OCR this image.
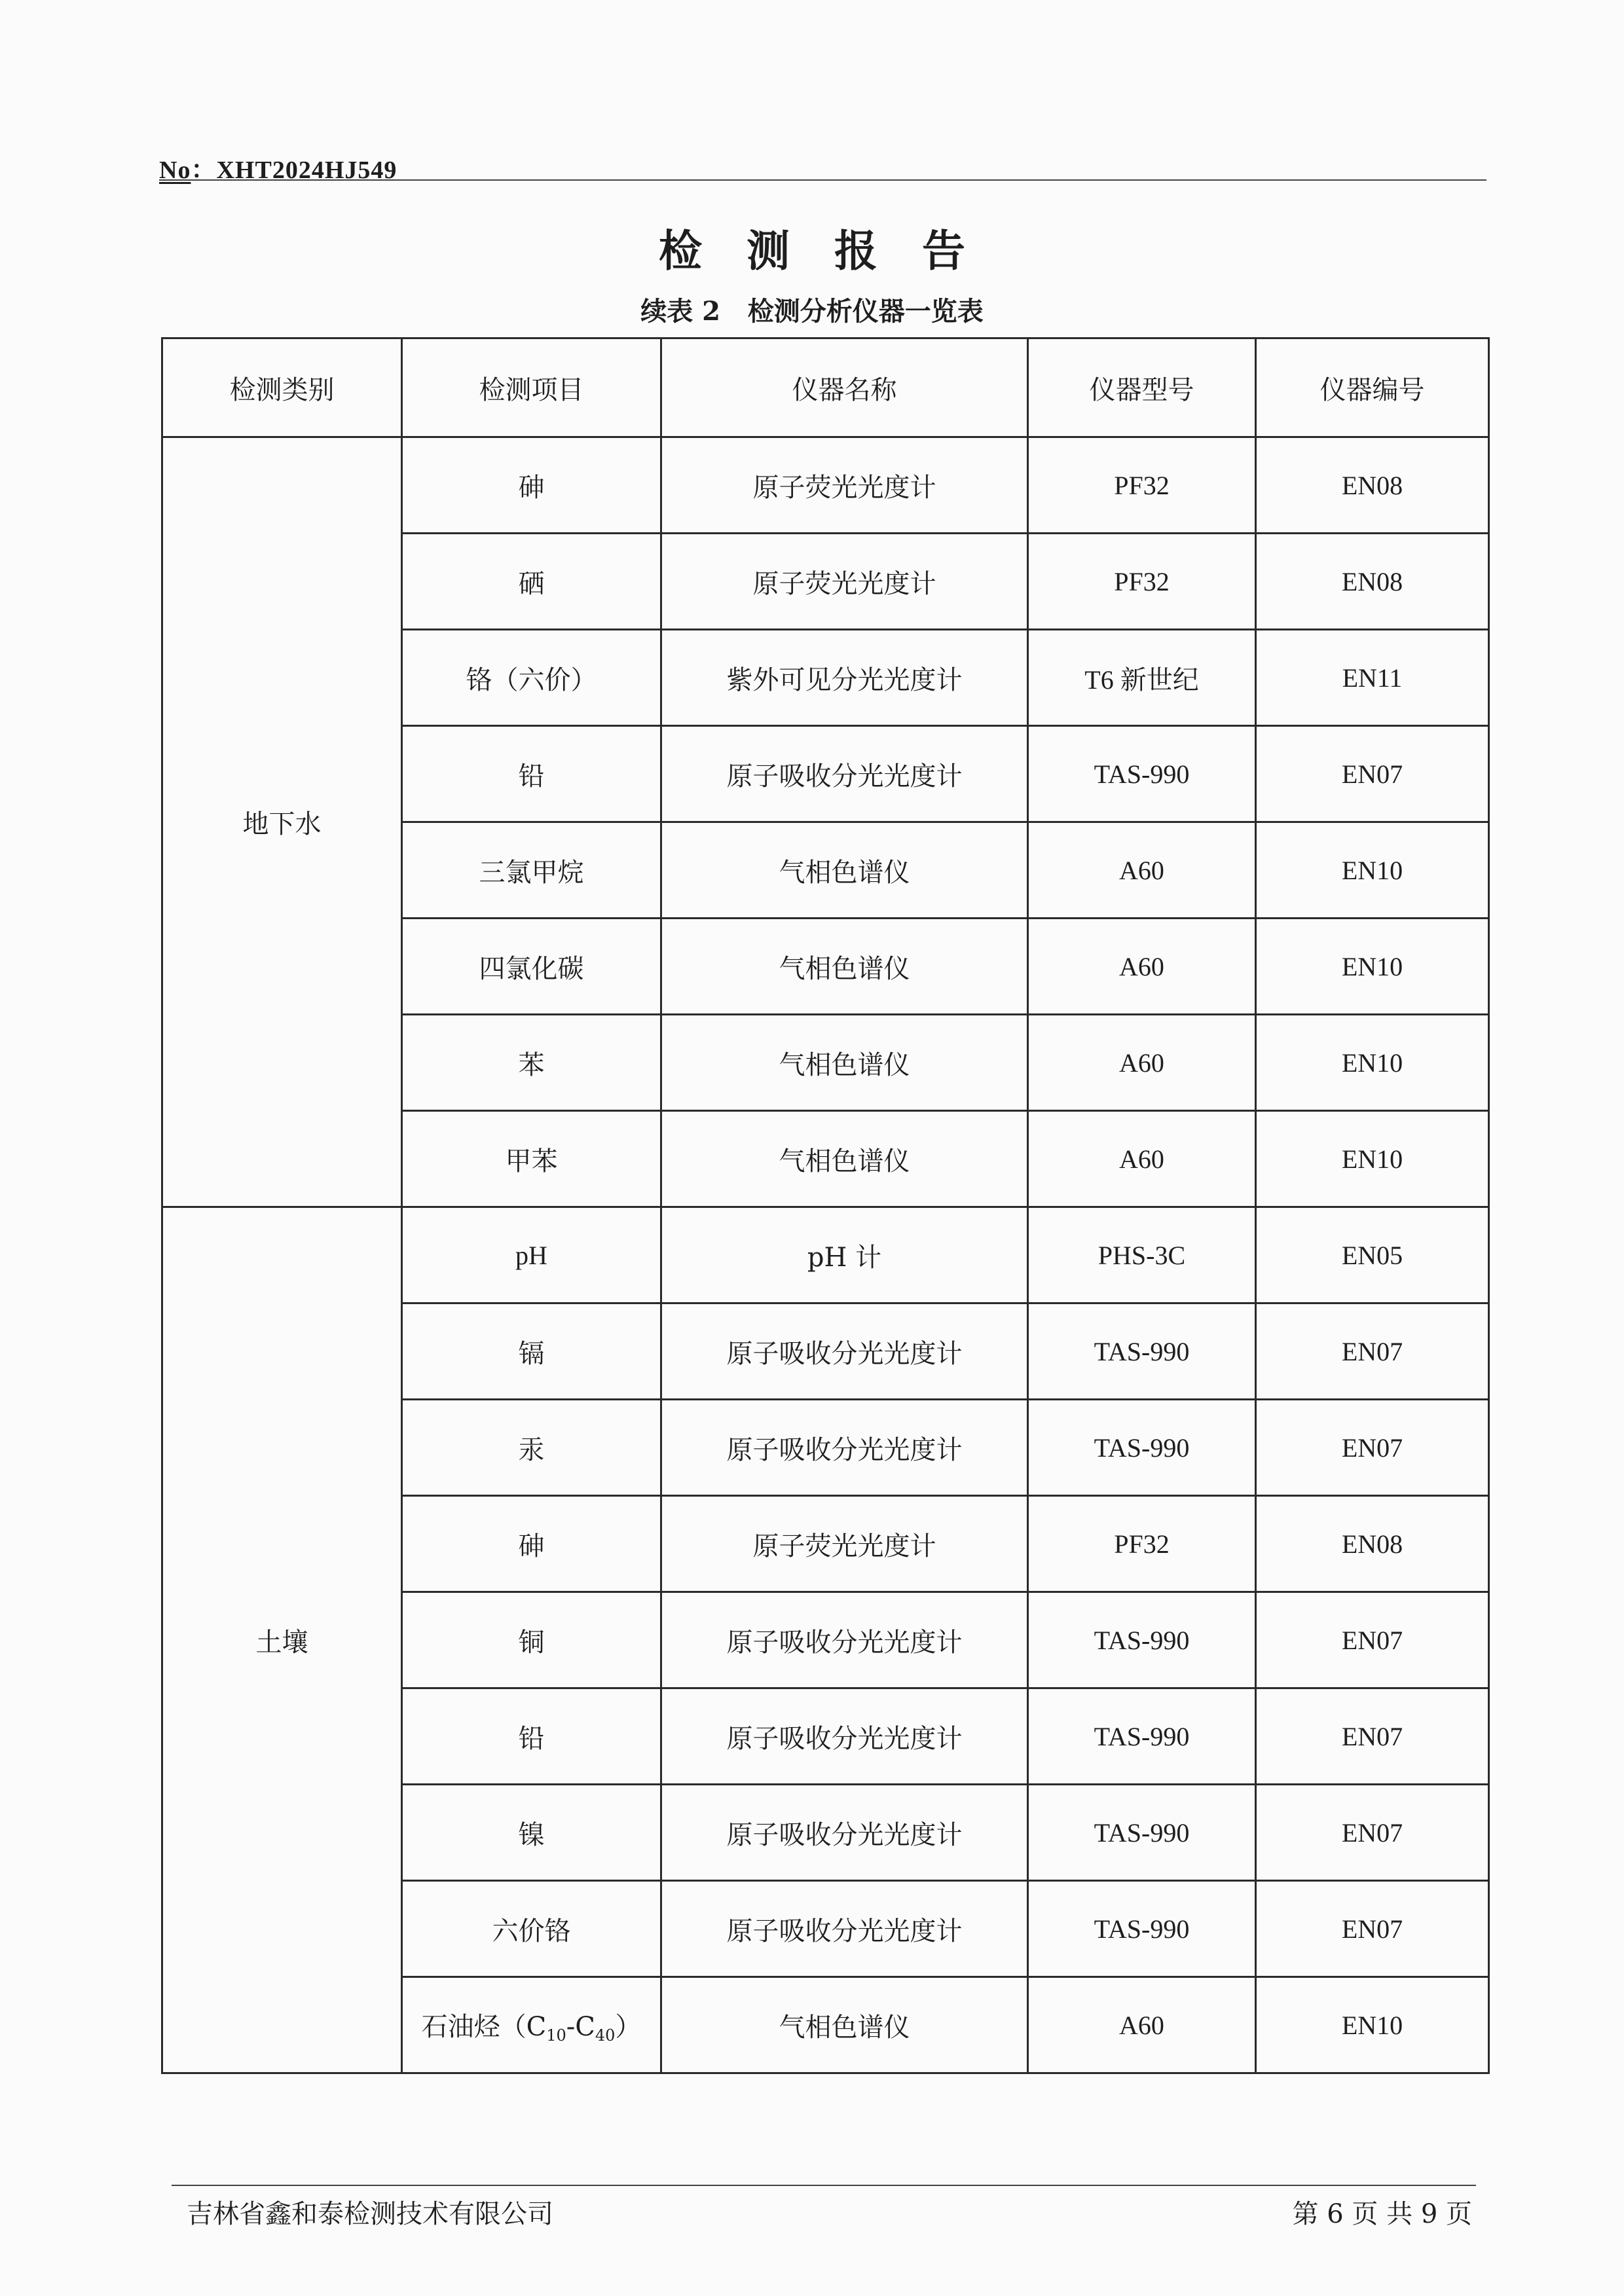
No：XHT2024HJ549
检测报告
续表 2   检测分析仪器一览表
检测类别	检测项目	仪器名称	仪器型号	仪器编号
地下水	砷	原子荧光光度计	PF32	EN08
	硒	原子荧光光度计	PF32	EN08
	铬（六价）	紫外可见分光光度计	T6 新世纪	EN11
	铅	原子吸收分光光度计	TAS-990	EN07
	三氯甲烷	气相色谱仪	A60	EN10
	四氯化碳	气相色谱仪	A60	EN10
	苯	气相色谱仪	A60	EN10
	甲苯	气相色谱仪	A60	EN10
土壤	pH	pH 计	PHS-3C	EN05
	镉	原子吸收分光光度计	TAS-990	EN07
	汞	原子吸收分光光度计	TAS-990	EN07
	砷	原子荧光光度计	PF32	EN08
	铜	原子吸收分光光度计	TAS-990	EN07
	铅	原子吸收分光光度计	TAS-990	EN07
	镍	原子吸收分光光度计	TAS-990	EN07
	六价铬	原子吸收分光光度计	TAS-990	EN07
	石油烃$(C_{10}-C_{40})$	气相色谱仪	A60	EN10
吉林省鑫和泰检测技术有限公司	第 6 页 共 9 页
